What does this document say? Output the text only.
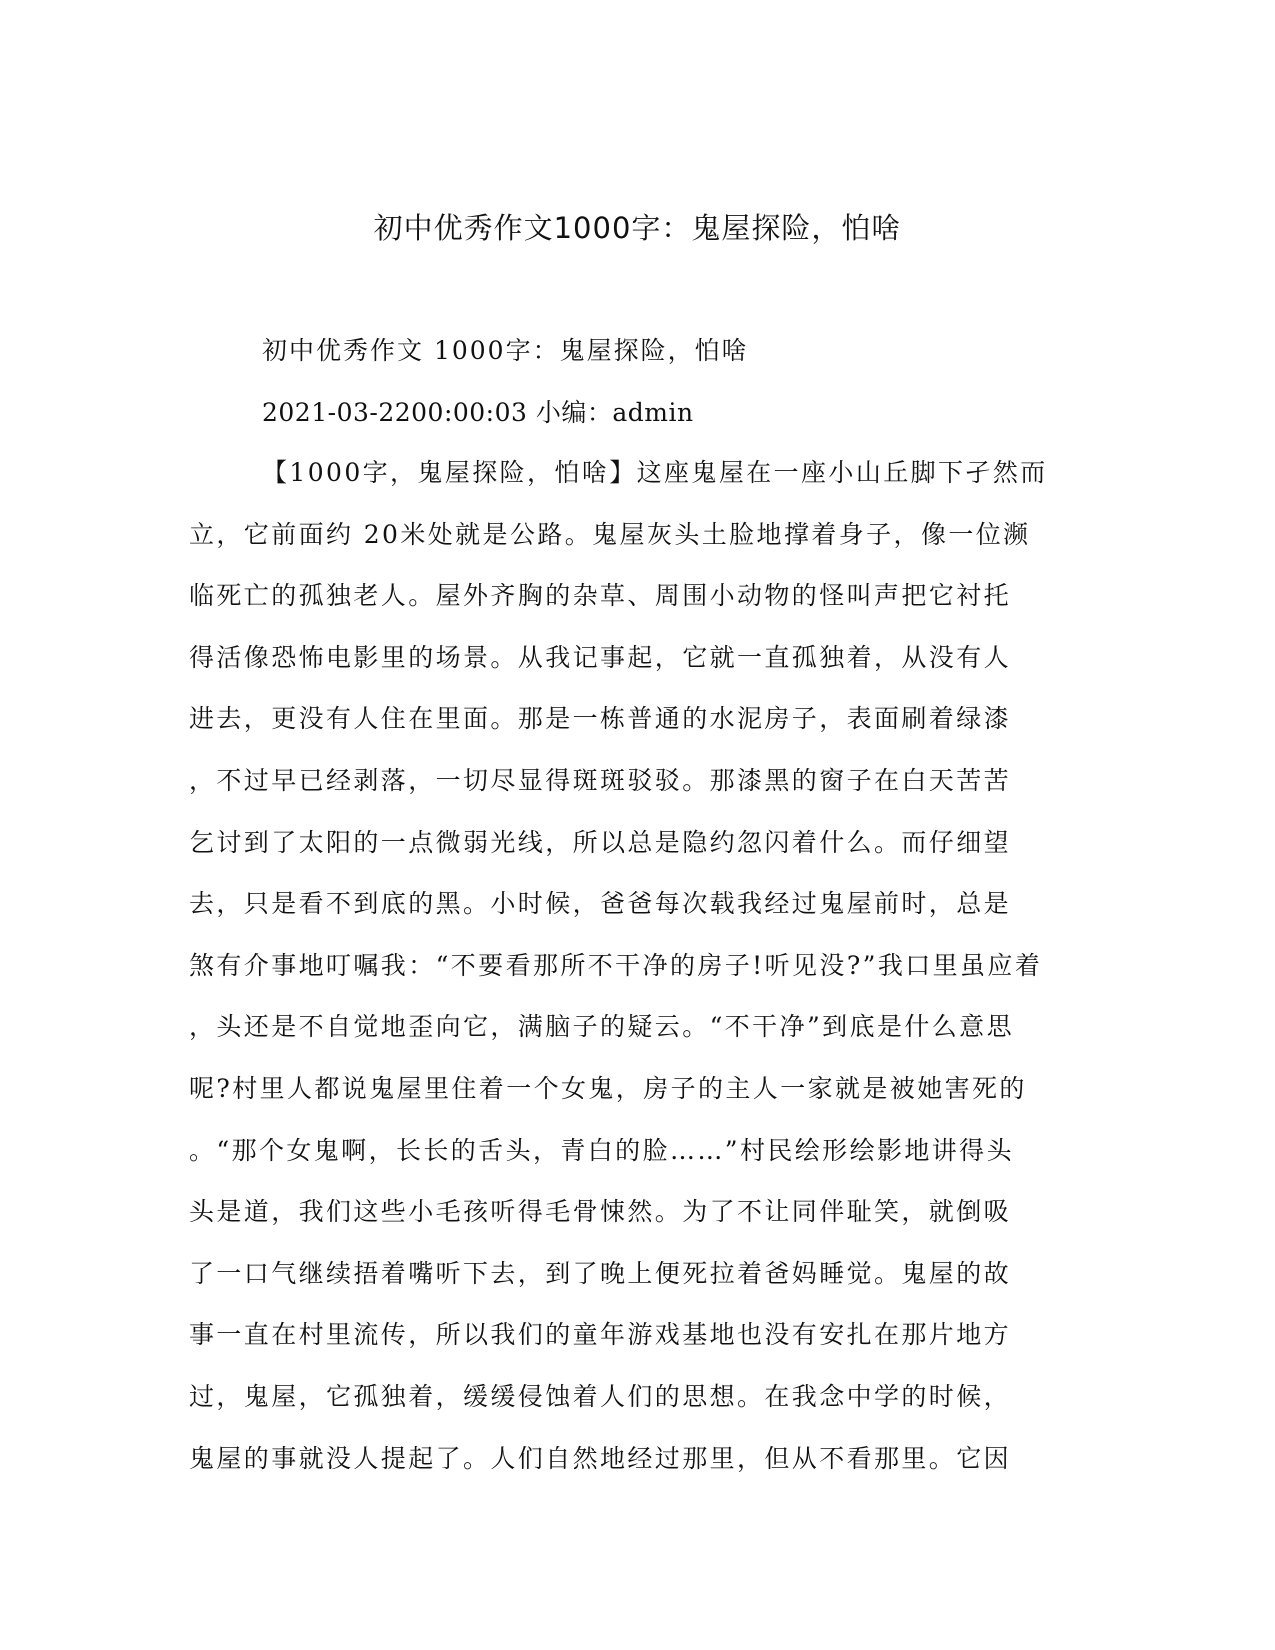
初中优秀作文1000字：鬼屋探险，怕啥
初中优秀作文 1000字：鬼屋探险，怕啥
2021-03-2200:00:03 小编：admin
【1000字，鬼屋探险，怕啥】这座鬼屋在一座小山丘脚下孑然而
立，它前面约 20米处就是公路。鬼屋灰头土脸地撑着身子，像一位濒
临死亡的孤独老人。屋外齐胸的杂草、周围小动物的怪叫声把它衬托
得活像恐怖电影里的场景。从我记事起，它就一直孤独着，从没有人
进去，更没有人住在里面。那是一栋普通的水泥房子，表面刷着绿漆
，不过早已经剥落，一切尽显得斑斑驳驳。那漆黑的窗子在白天苦苦
乞讨到了太阳的一点微弱光线，所以总是隐约忽闪着什么。而仔细望
去，只是看不到底的黑。小时候，爸爸每次载我经过鬼屋前时，总是
煞有介事地叮嘱我：“不要看那所不干净的房子!听见没?”我口里虽应着
，头还是不自觉地歪向它，满脑子的疑云。“不干净”到底是什么意思
呢?村里人都说鬼屋里住着一个女鬼，房子的主人一家就是被她害死的
。“那个女鬼啊，长长的舌头，青白的脸……”村民绘形绘影地讲得头
头是道，我们这些小毛孩听得毛骨悚然。为了不让同伴耻笑，就倒吸
了一口气继续捂着嘴听下去，到了晚上便死拉着爸妈睡觉。鬼屋的故
事一直在村里流传，所以我们的童年游戏基地也没有安扎在那片地方
过，鬼屋，它孤独着，缓缓侵蚀着人们的思想。在我念中学的时候，
鬼屋的事就没人提起了。人们自然地经过那里，但从不看那里。它因
